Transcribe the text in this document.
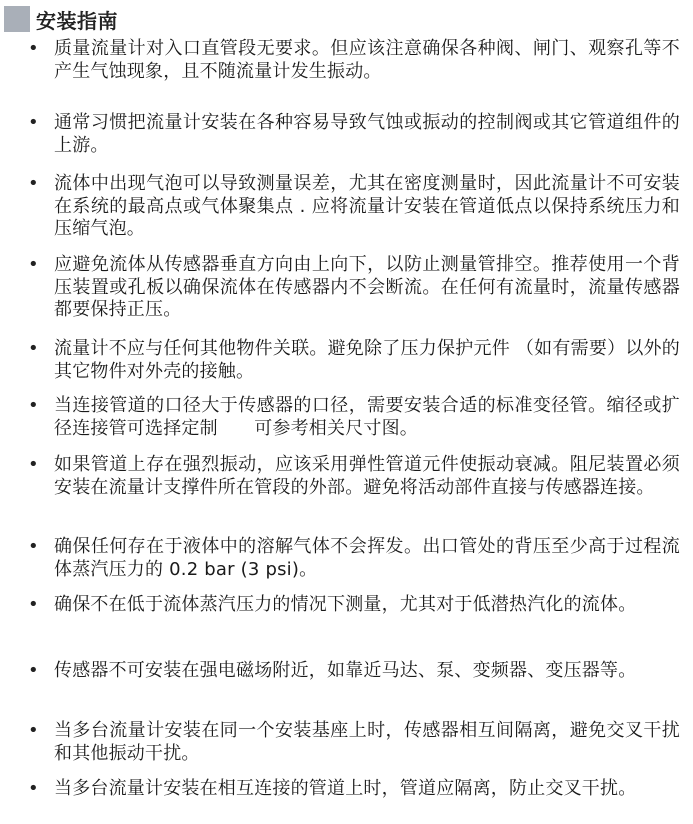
安装指南
• 质量流量计对入口直管段无要求。但应该注意确保各种阀、闸门、观察孔等不产生气蚀现象，且不随流量计发生振动。
• 通常习惯把流量计安装在各种容易导致气蚀或振动的控制阀或其它管道组件的上游。
• 流体中出现气泡可以导致测量误差，尤其在密度测量时，因此流量计不可安装在系统的最高点或气体聚集点 . 应将流量计安装在管道低点以保持系统压力和压缩气泡。
• 应避免流体从传感器垂直方向由上向下，以防止测量管排空。推荐使用一个背压装置或孔板以确保流体在传感器内不会断流。在任何有流量时，流量传感器都要保持正压。
• 流量计不应与任何其他物件关联。避免除了压力保护元件 （如有需要）以外的其它物件对外壳的接触。
• 当连接管道的口径大于传感器的口径，需要安装合适的标准变径管。缩径或扩径连接管可选择定制　　可参考相关尺寸图。
• 如果管道上存在强烈振动，应该采用弹性管道元件使振动衰减。阻尼装置必须安装在流量计支撑件所在管段的外部。避免将活动部件直接与传感器连接。
• 确保任何存在于液体中的溶解气体不会挥发。出口管处的背压至少高于过程流体蒸汽压力的 0.2 bar (3 psi)。
• 确保不在低于流体蒸汽压力的情况下测量，尤其对于低潜热汽化的流体。
• 传感器不可安装在强电磁场附近，如靠近马达、泵、变频器、变压器等。
• 当多台流量计安装在同一个安装基座上时，传感器相互间隔离，避免交叉干扰和其他振动干扰。
• 当多台流量计安装在相互连接的管道上时，管道应隔离，防止交叉干扰。
